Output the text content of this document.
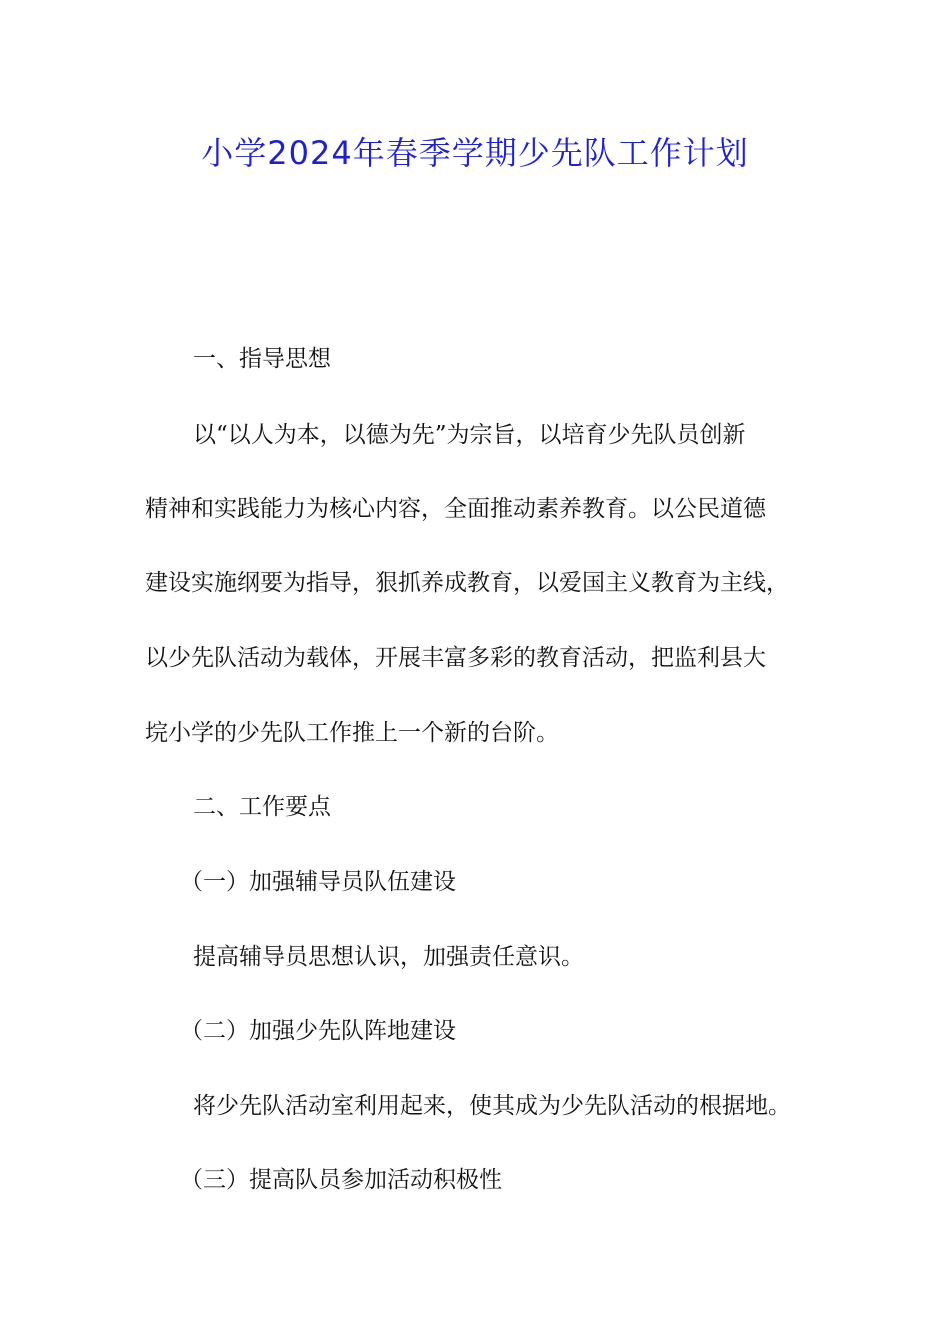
小学2024年春季学期少先队工作计划

一、指导思想

以“以人为本，以德为先”为宗旨，以培育少先队员创新

精神和实践能力为核心内容，全面推动素养教育。以公民道德

建设实施纲要为指导，狠抓养成教育，以爱国主义教育为主线，

以少先队活动为载体，开展丰富多彩的教育活动，把监利县大

垸小学的少先队工作推上一个新的台阶。

二、工作要点

（一）加强辅导员队伍建设

提高辅导员思想认识，加强责任意识。

（二）加强少先队阵地建设

将少先队活动室利用起来，使其成为少先队活动的根据地。

（三）提高队员参加活动积极性
